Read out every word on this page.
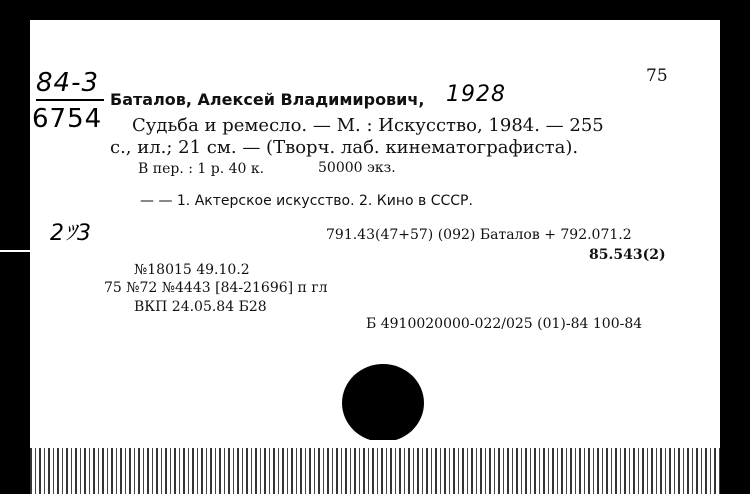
84-3
6754
1928
2ﾂ3
75
Баталов, Алексей Владимирович,
Судьба и ремесло. — М. : Искусство, 1984. — 255
с., ил.; 21 см. — (Творч. лаб. кинематографиста).
В пер. : 1 р. 40 к.	50000 экз.
— — 1. Актерское искусство. 2. Кино в СССР.
791.43(47+57) (092) Баталов + 792.071.2
85.543(2)
№18015 49.10.2
75 №72 №4443 [84-21696] п гл
ВКП 24.05.84 Б28
Б 4910020000-022/025 (01)-84 100-84
